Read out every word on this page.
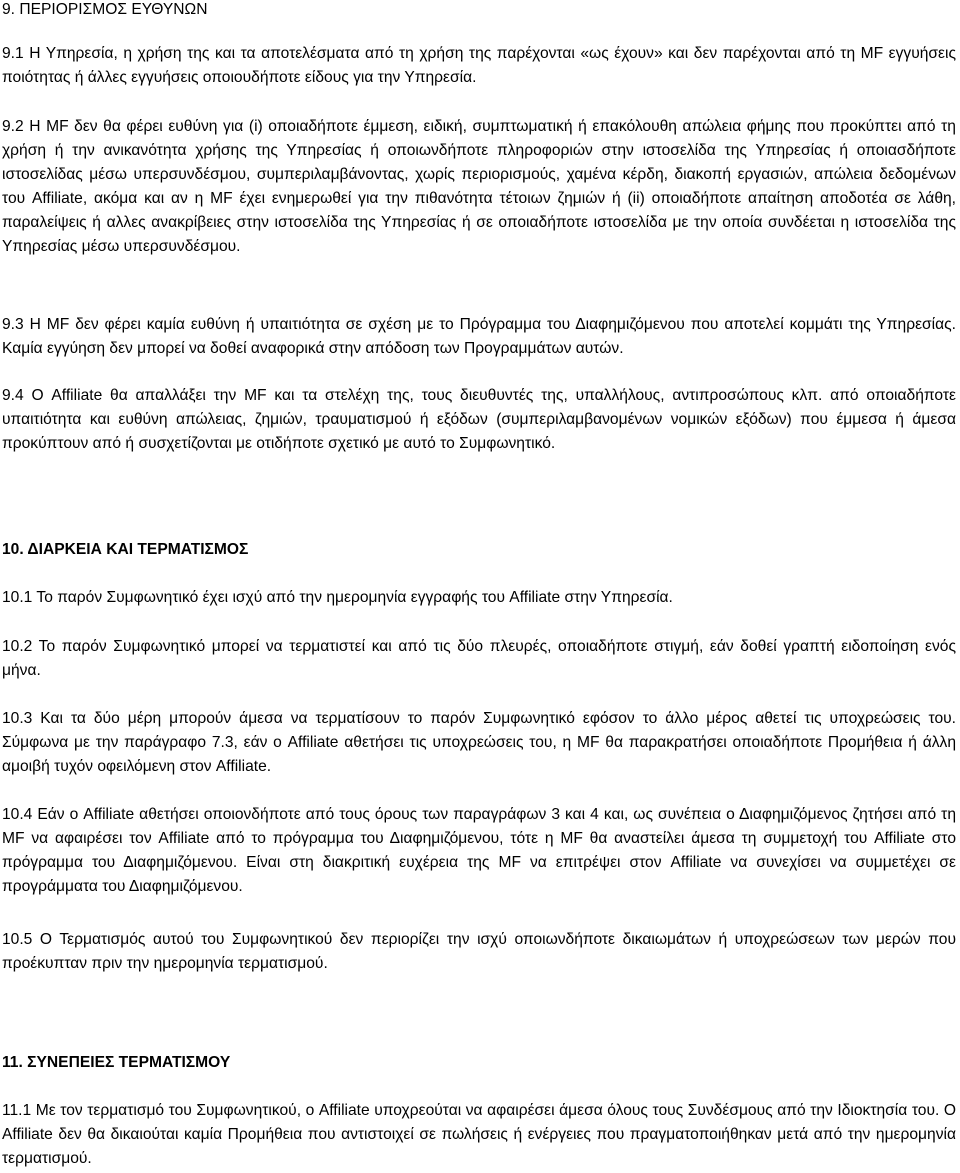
9. ΠΕΡΙΟΡΙΣΜΟΣ ΕΥΘΥΝΩΝ

9.1 Η Υπηρεσία, η χρήση της και τα αποτελέσματα από τη χρήση της παρέχονται «ως έχουν» και δεν παρέχονται από τη MF εγγυήσεις ποιότητας ή άλλες εγγυήσεις οποιουδήποτε είδους για την Υπηρεσία.

9.2 Η MF δεν θα φέρει ευθύνη για (i) οποιαδήποτε έμμεση, ειδική, συμπτωματική ή επακόλουθη απώλεια φήμης που προκύπτει από τη χρήση ή την ανικανότητα χρήσης της Υπηρεσίας ή οποιωνδήποτε πληροφοριών στην ιστοσελίδα της Υπηρεσίας ή οποιασδήποτε ιστοσελίδας μέσω υπερσυνδέσμου, συμπεριλαμβάνοντας, χωρίς περιορισμούς, χαμένα κέρδη, διακοπή εργασιών, απώλεια δεδομένων του Affiliate, ακόμα και αν η MF έχει ενημερωθεί για την πιθανότητα τέτοιων ζημιών ή (ii) οποιαδήποτε απαίτηση αποδοτέα σε λάθη, παραλείψεις ή αλλες ανακρίβειες στην ιστοσελίδα της Υπηρεσίας ή σε οποιαδήποτε ιστοσελίδα με την οποία συνδέεται η ιστοσελίδα της Υπηρεσίας μέσω υπερσυνδέσμου.

9.3 Η MF δεν φέρει καμία ευθύνη ή υπαιτιότητα σε σχέση με το Πρόγραμμα του Διαφημιζόμενου που αποτελεί κομμάτι της Υπηρεσίας. Καμία εγγύηση δεν μπορεί να δοθεί αναφορικά στην απόδοση των Προγραμμάτων αυτών.

9.4 Ο Affiliate θα απαλλάξει την MF και τα στελέχη της, τους διευθυντές της, υπαλλήλους, αντιπροσώπους κλπ. από οποιαδήποτε υπαιτιότητα και ευθύνη απώλειας, ζημιών, τραυματισμού ή εξόδων (συμπεριλαμβανομένων νομικών εξόδων) που έμμεσα ή άμεσα προκύπτουν από ή συσχετίζονται με οτιδήποτε σχετικό με αυτό το Συμφωνητικό.

10. ΔΙΑΡΚΕΙΑ ΚΑΙ ΤΕΡΜΑΤΙΣΜΟΣ

10.1 Το παρόν Συμφωνητικό έχει ισχύ από την ημερομηνία εγγραφής του Affiliate στην Υπηρεσία.

10.2 Το παρόν Συμφωνητικό μπορεί να τερματιστεί και από τις δύο πλευρές, οποιαδήποτε στιγμή, εάν δοθεί γραπτή ειδοποίηση ενός μήνα.

10.3 Και τα δύο μέρη μπορούν άμεσα να τερματίσουν το παρόν Συμφωνητικό εφόσον το άλλο μέρος αθετεί τις υποχρεώσεις του. Σύμφωνα με την παράγραφο 7.3, εάν ο Affiliate αθετήσει τις υποχρεώσεις του, η MF θα παρακρατήσει οποιαδήποτε Προμήθεια ή άλλη αμοιβή τυχόν οφειλόμενη στον Affiliate.

10.4 Εάν ο Affiliate αθετήσει οποιονδήποτε από τους όρους των παραγράφων 3 και 4 και, ως συνέπεια ο Διαφημιζόμενος ζητήσει από τη MF να αφαιρέσει τον Affiliate από το πρόγραμμα του Διαφημιζόμενου, τότε η MF θα αναστείλει άμεσα τη συμμετοχή του Affiliate στο πρόγραμμα του Διαφημιζόμενου. Είναι στη διακριτική ευχέρεια της MF να επιτρέψει στον Affiliate να συνεχίσει να συμμετέχει σε προγράμματα του Διαφημιζόμενου.

10.5 Ο Τερματισμός αυτού του Συμφωνητικού δεν περιορίζει την ισχύ οποιωνδήποτε δικαιωμάτων ή υποχρεώσεων των μερών που προέκυπταν πριν την ημερομηνία τερματισμού.

11. ΣΥΝΕΠΕΙΕΣ ΤΕΡΜΑΤΙΣΜΟΥ

11.1 Με τον τερματισμό του Συμφωνητικού, ο Affiliate υποχρεούται να αφαιρέσει άμεσα όλους τους Συνδέσμους από την Ιδιοκτησία του. Ο Affiliate δεν θα δικαιούται καμία Προμήθεια που αντιστοιχεί σε πωλήσεις ή ενέργειες που πραγματοποιήθηκαν μετά από την ημερομηνία τερματισμού.
